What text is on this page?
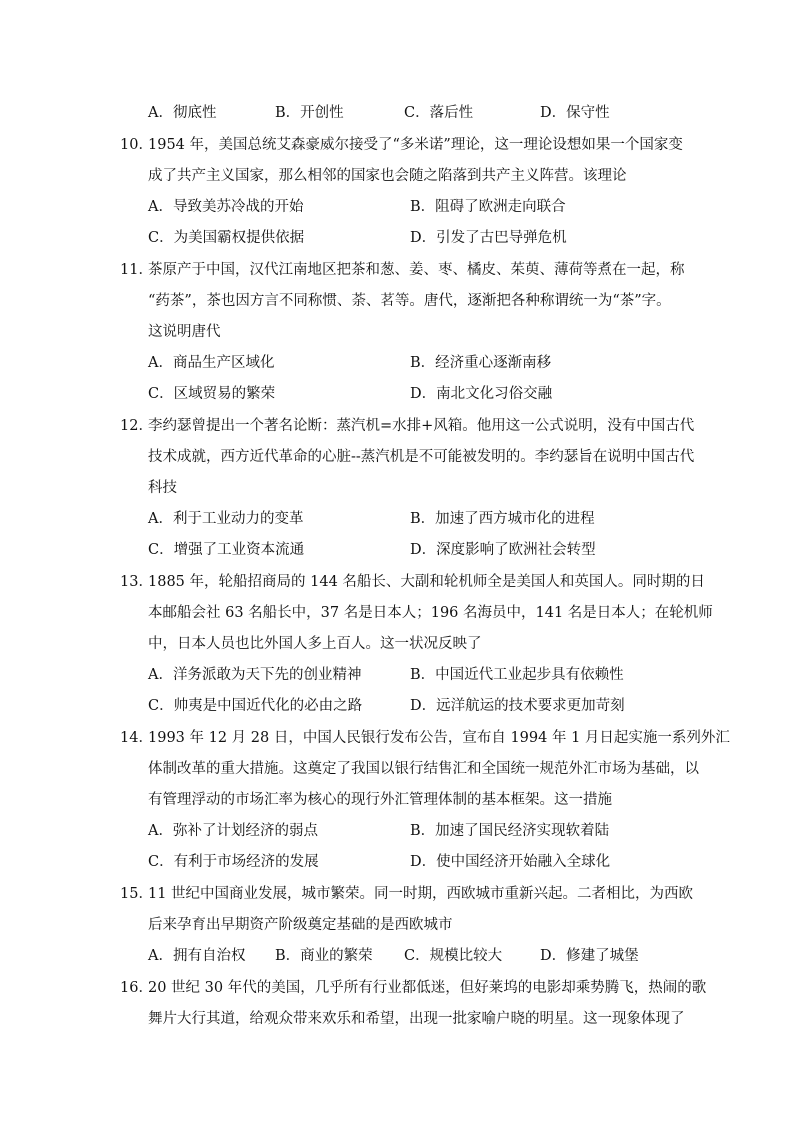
A．彻底性	B．开创性	C．落后性	D．保守性
10．
1954 年，美国总统艾森豪威尔接受了“多米诺”理论，这一理论设想如果一个国家变
成了共产主义国家，那么相邻的国家也会随之陷落到共产主义阵营。该理论
A．导致美苏冷战的开始	B．阻碍了欧洲走向联合
C．为美国霸权提供依据	D．引发了古巴导弹危机
11．
茶原产于中国，汉代江南地区把茶和葱、姜、枣、橘皮、茱萸、薄荷等煮在一起，称
“药茶”，茶也因方言不同称惯、荼、茗等。唐代，逐渐把各种称谓统一为“茶”字。
这说明唐代
A．商品生产区域化	B．经济重心逐渐南移
C．区域贸易的繁荣	D．南北文化习俗交融
12．
李约瑟曾提出一个著名论断：蒸汽机=水排+风箱。他用这一公式说明，没有中国古代
技术成就，西方近代革命的心脏--蒸汽机是不可能被发明的。李约瑟旨在说明中国古代
科技
A．利于工业动力的变革	B．加速了西方城市化的进程
C．增强了工业资本流通	D．深度影响了欧洲社会转型
13．
1885 年，轮船招商局的 144 名船长、大副和轮机师全是美国人和英国人。同时期的日
本邮船会社 63 名船长中，37 名是日本人；196 名海员中，141 名是日本人；在轮机师
中，日本人员也比外国人多上百人。这一状况反映了
A．洋务派敢为天下先的创业精神	B．中国近代工业起步具有依赖性
C．帅夷是中国近代化的必由之路	D．远洋航运的技术要求更加苛刻
14．
1993 年 12 月 28 日，中国人民银行发布公告，宣布自 1994 年 1 月日起实施一系列外汇
体制改革的重大措施。这奠定了我国以银行结售汇和全国统一规范外汇市场为基础，以
有管理浮动的市场汇率为核心的现行外汇管理体制的基本框架。这一措施
A．弥补了计划经济的弱点	B．加速了国民经济实现软着陆
C．有利于市场经济的发展	D．使中国经济开始融入全球化
15．
11 世纪中国商业发展，城市繁荣。同一时期，西欧城市重新兴起。二者相比，为西欧
后来孕育出早期资产阶级奠定基础的是西欧城市
A．拥有自治权 B．商业的繁荣 C．规模比较大	D．修建了城堡
16．
20 世纪 30 年代的美国，几乎所有行业都低迷，但好莱坞的电影却乘势腾飞，热闹的歌
舞片大行其道，给观众带来欢乐和希望，出现一批家喻户晓的明星。这一现象体现了
